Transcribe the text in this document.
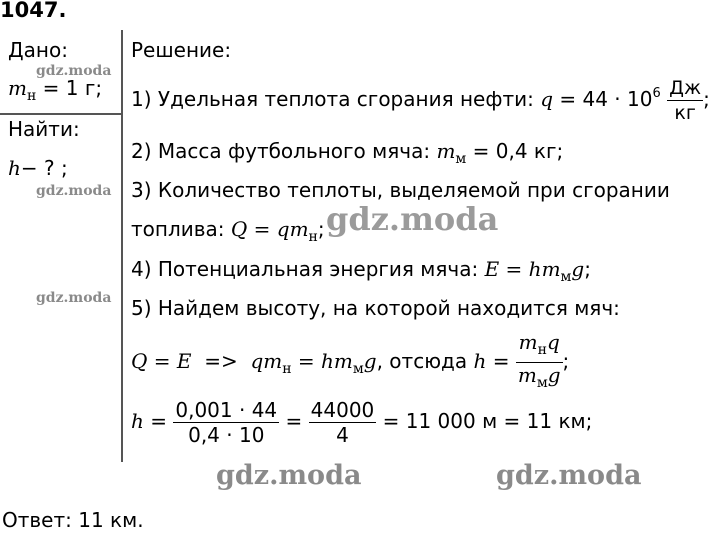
1047.
Дано:
$m_н = 1$ г;
Найти:
h− ? ;
Решение:
1) Удельная теплота сгорания нефти: $q = 44 \cdot 10^6 \frac{Дж}{кг}$ ;
2) Масса футбольного мяча: $m_м = 0,4$ кг;
3) Количество теплоты, выделяемой при сгорании
топлива: $Q = qm_н$;
4) Потенциальная энергия мяча: $E = hm_мg$;
5) Найдем высоту, на которой находится мяч:
$Q = E => qm_н = hm_мg$, отсюда $h = \frac{m_нq}{m_мg}$ ;
$h = \frac{0,001 \cdot 44}{0,4 \cdot 10} = \frac{44000}{4} = 11$ 000 м = 11 км;
Ответ: 11 км.
gdz.moda
gdz.moda
gdz.moda
gdz.moda
gdz.moda	gdz.moda
